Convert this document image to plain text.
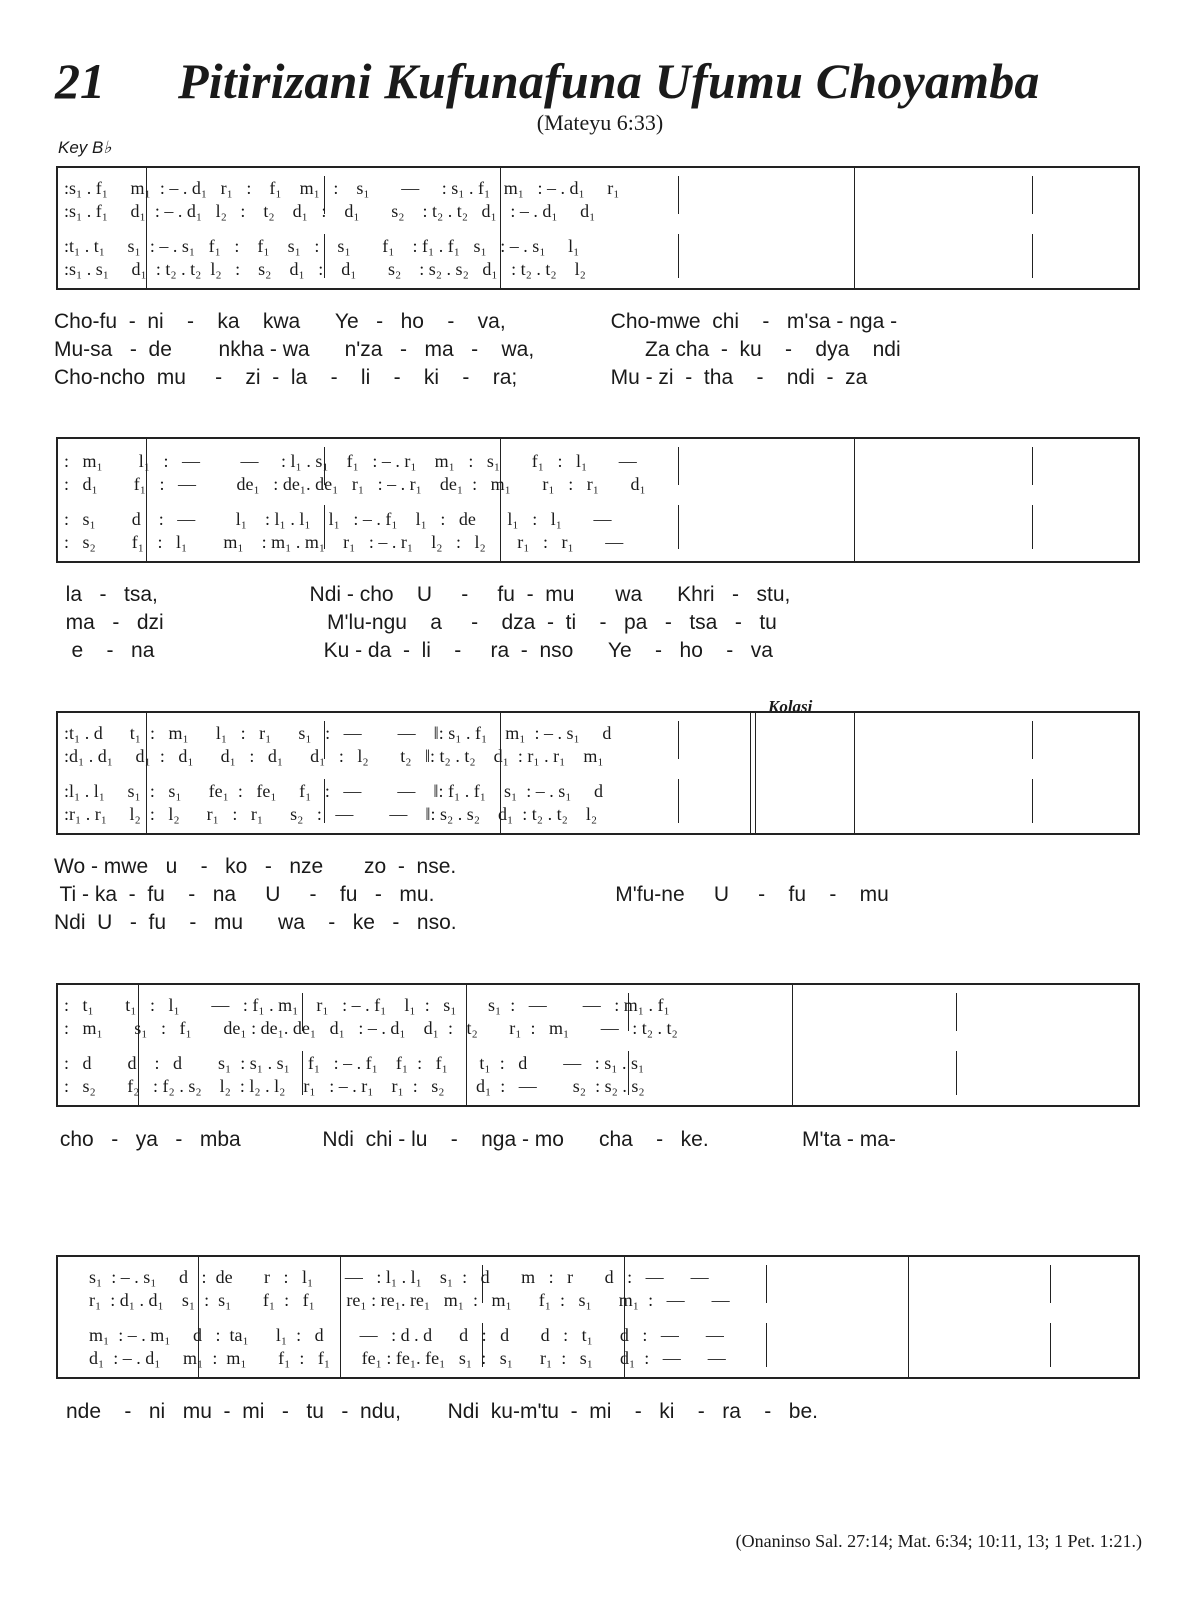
21 Pitirizani Kufunafuna Ufumu Choyamba
(Mateyu 6:33)
Key B♭
:s₁ . f₁     m₁  : – . d₁   r₁   :    f₁    m₁   :    s₁       —     : s₁ . f₁   m₁   : – . d₁     r₁
:s₁ . f₁     d₁  : – . d₁   l₂   :    t₂    d₁   :    d₁       s₂    : t₂ . t₂   d₁   : – . d₁     d₁
:t₁ . t₁     s₁  : – . s₁   f₁   :    f₁    s₁   :    s₁       f₁    : f₁ . f₁   s₁   : – . s₁     l₁
:s₁ . s₁     d₁  : t₂ . t₂  l₂   :    s₂    d₁   :    d₁       s₂    : s₂ . s₂   d₁   : t₂ . t₂    l₂
Cho-fu  -  ni    -    ka    kwa      Ye   -   ho    -    va,                  Cho-mwe  chi    -   m'sa - nga -
Mu-sa   -  de        nkha - wa      n'za   -   ma   -    wa,                   Za cha  -  ku    -    dya    ndi
Cho-ncho  mu     -    zi  -  la    -    li    -    ki    -    ra;                Mu - zi  -  tha    -    ndi  -  za
:   m₁        l₁   :   —         —     : l₁ . s₁    f₁   : – . r₁    m₁   :   s₁       f₁   :   l₁       —
:   d₁        f₁   :   —         de₁   : de₁. de₁   r₁   : – . r₁    de₁  :   m₁       r₁   :   r₁       d₁
:   s₁        d    :   —         l₁    : l₁ . l₁    l₁   : – . f₁    l₁   :   de       l₁   :   l₁       —
:   s₂        f₁   :   l₁        m₁    : m₁ . m₁    r₁   : – . r₁    l₂   :   l₂       r₁   :   r₁       —
la   -   tsa,                          Ndi - cho    U     -     fu  -  mu       wa      Khri   -   stu,
ma   -   dzi                            M'lu-ngu    a     -    dza  -  ti    -   pa   -   tsa   -   tu
e    -   na                             Ku - da  -  li    -     ra  -  nso      Ye    -   ho    -   va
Kolasi
:t₁ . d      t₁  :   m₁      l₁   :   r₁      s₁   :   —        —    ‖: s₁ . f₁    m₁  : – . s₁     d
:d₁ . d₁     d₁  :   d₁      d₁   :   d₁      d₁   :   l₂       t₂   ‖: t₂ . t₂    d₁  : r₁ . r₁    m₁
:l₁ . l₁     s₁  :   s₁      fe₁  :   fe₁     f₁   :   —        —    ‖: f₁ . f₁    s₁  : – . s₁     d
:r₁ . r₁     l₂  :   l₂      r₁   :   r₁      s₂   :   —        —    ‖: s₂ . s₂    d₁  : t₂ . t₂    l₂
Wo - mwe   u    -   ko   -   nze       zo  -  nse.
Ti - ka  -  fu    -   na     U     -    fu   -   mu.                               M'fu-ne     U     -    fu    -    mu
Ndi  U   -  fu    -   mu      wa    -   ke   -   nso.
:   t₁       t₁   :   l₁       —   : f₁ . m₁    r₁   : – . f₁    l₁  :   s₁       s₁  :   —        —   : m₁ . f₁
:   m₁       s₁   :   f₁       de₁ : de₁. de₁   d₁   : – . d₁    d₁  :   t₂       r₁  :   m₁       —   : t₂ . t₂
:   d        d    :   d        s₁  : s₁ . s₁    f₁   : – . f₁    f₁  :   f₁       t₁  :   d        —   : s₁ . s₁
:   s₂       f₂   : f₂ . s₂    l₂  : l₂ . l₂    r₁   : – . r₁    r₁  :   s₂       d₁  :   —        s₂  : s₂ . s₂
cho   -   ya   -   mba              Ndi  chi - lu    -    nga - mo      cha    -   ke.                M'ta - ma-
s₁  : – . s₁     d   :  de       r   :   l₁       —   : l₁ . l₁    s₁  :   d       m   :   r       d   :   —      —
r₁  : d₁ . d₁    s₁  :  s₁       f₁  :   f₁       re₁ : re₁. re₁   m₁  :   m₁      f₁  :   s₁      m₁  :   —      —
m₁  : – . m₁     d   :  ta₁      l₁  :   d        —   : d . d      d   :   d       d   :   t₁      d   :   —      —
d₁  : – . d₁     m₁  :  m₁       f₁  :   f₁       fe₁ : fe₁. fe₁   s₁  :   s₁      r₁  :   s₁      d₁  :   —      —
nde    -   ni   mu  -  mi   -   tu   -  ndu,        Ndi  ku-m'tu  -  mi    -   ki    -   ra    -   be.
(Onaninso Sal. 27:14; Mat. 6:34; 10:11, 13; 1 Pet. 1:21.)
